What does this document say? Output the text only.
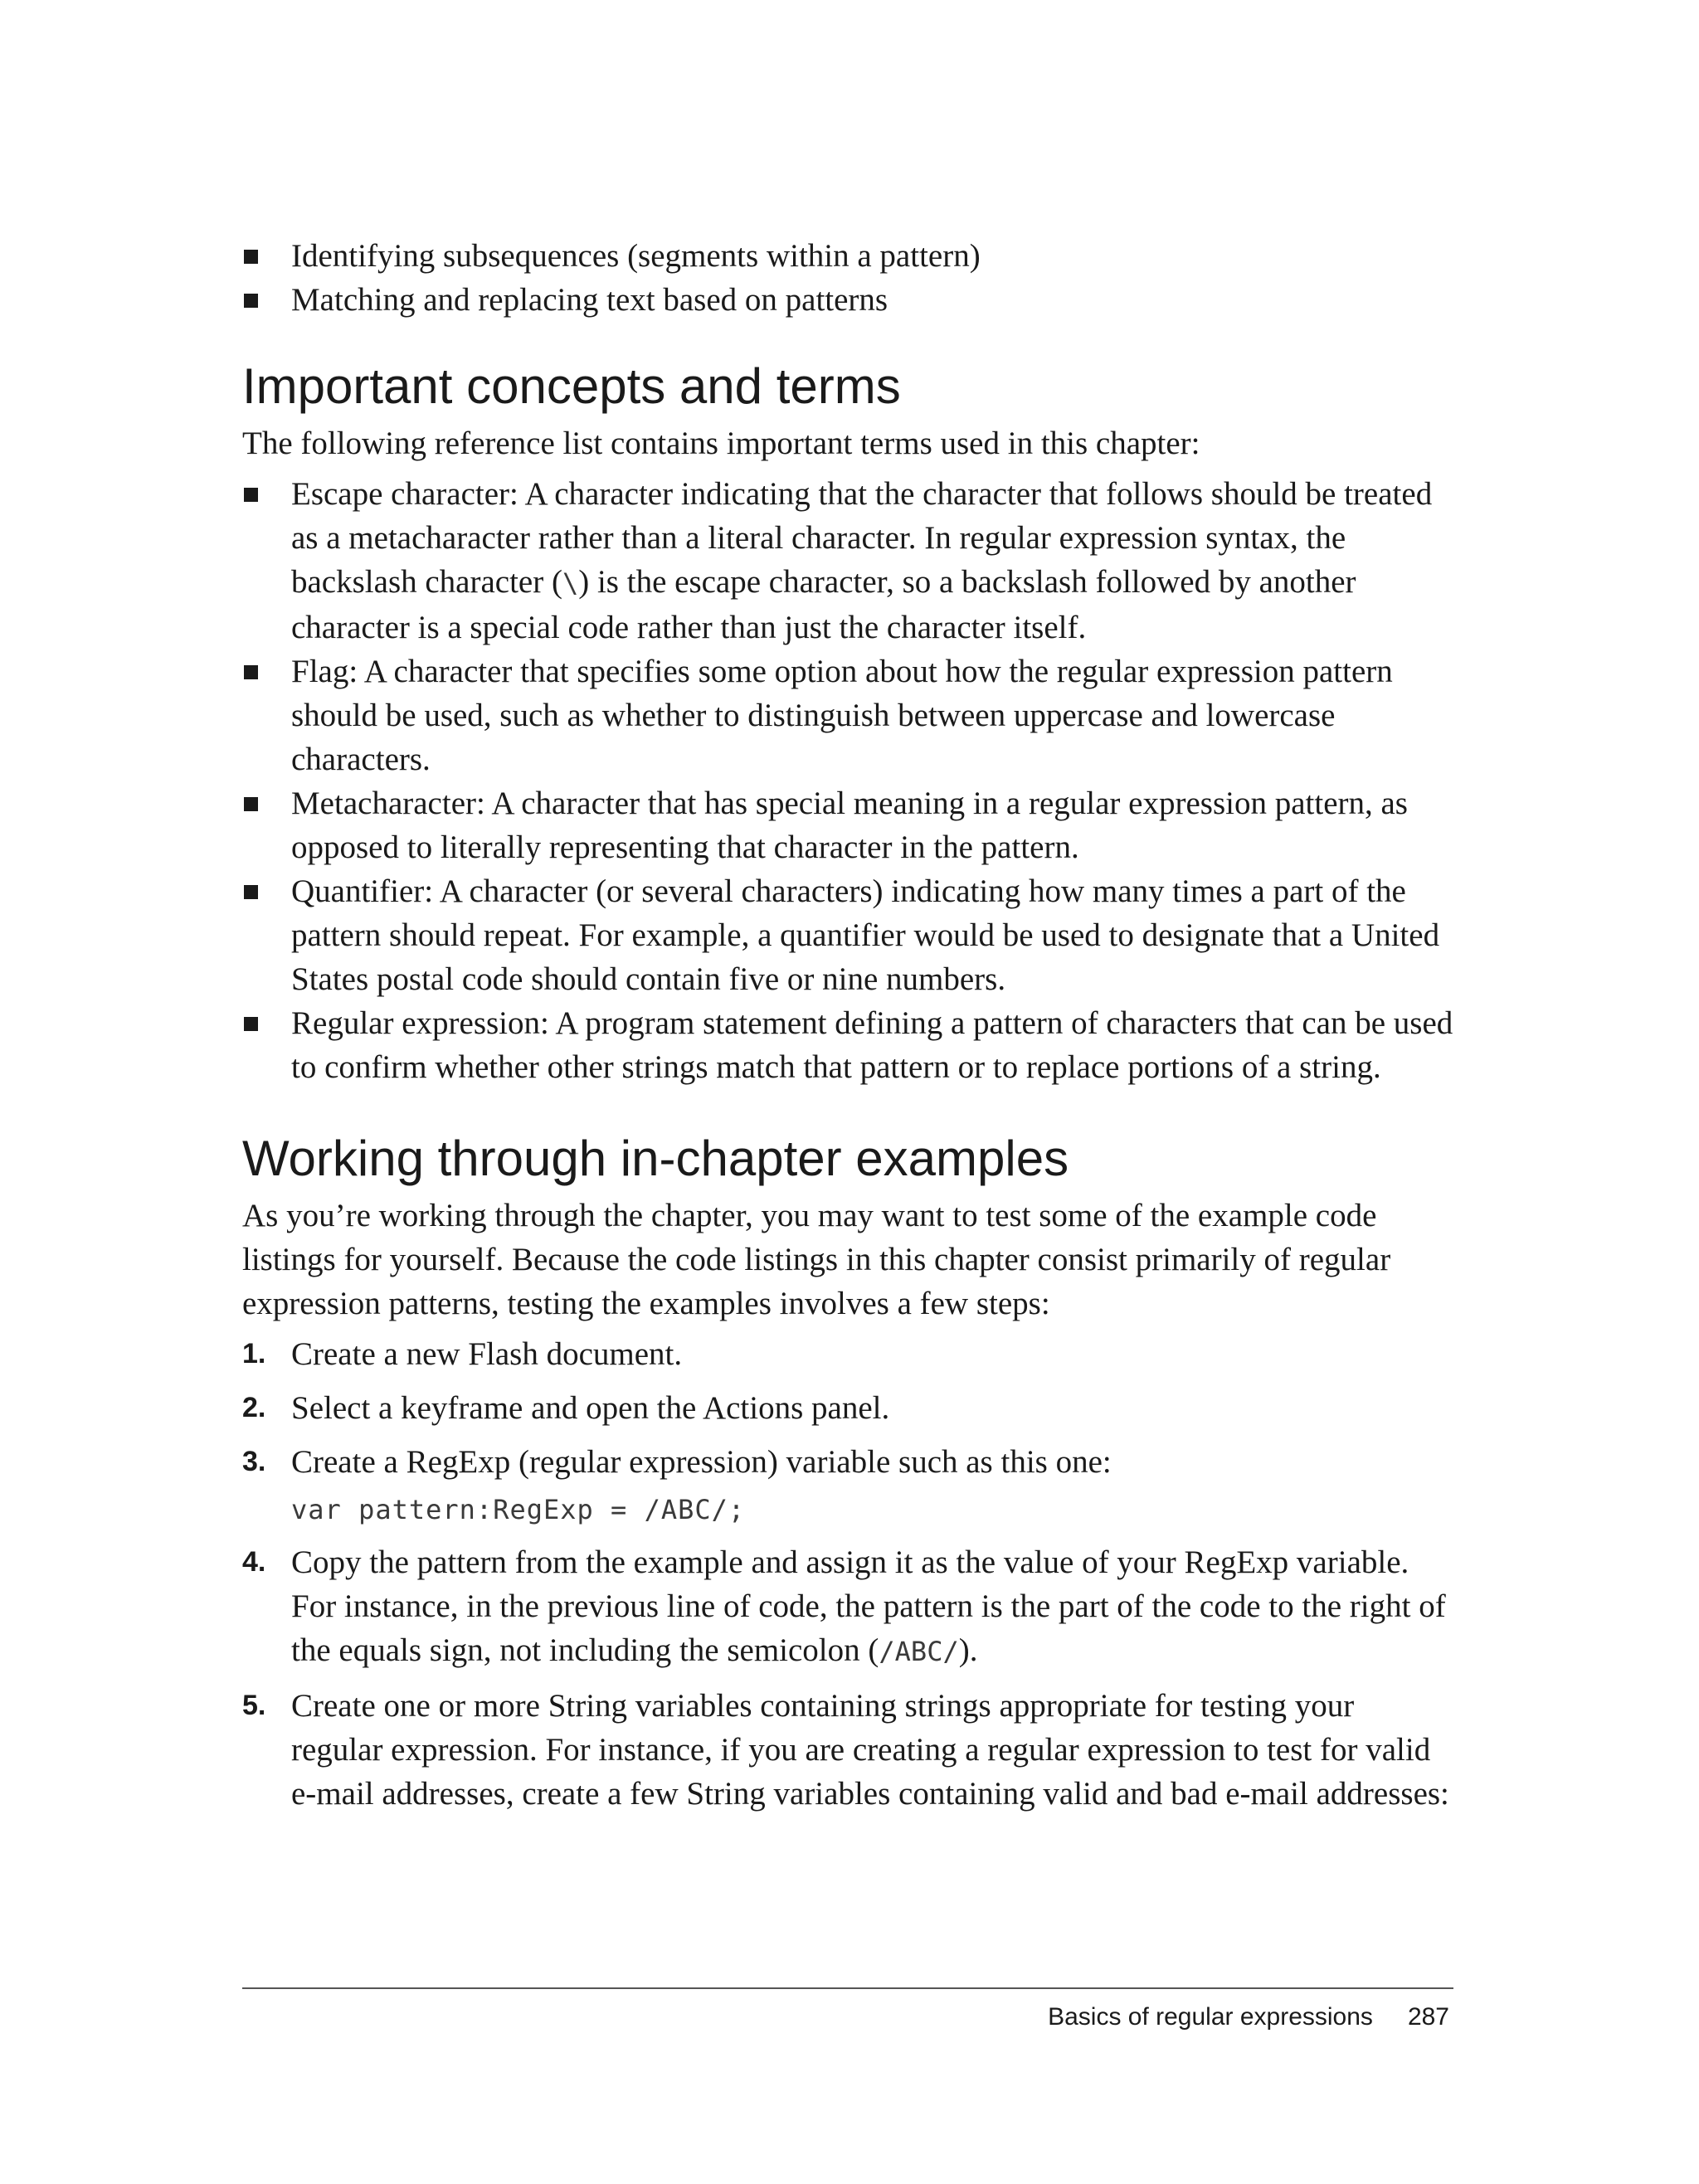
Identifying subsequences (segments within a pattern)
Matching and replacing text based on patterns
Important concepts and terms

The following reference list contains important terms used in this chapter:

Escape character: A character indicating that the character that follows should be treated as a metacharacter rather than a literal character. In regular expression syntax, the backslash character (\) is the escape character, so a backslash followed by another character is a special code rather than just the character itself.
Flag: A character that specifies some option about how the regular expression pattern should be used, such as whether to distinguish between uppercase and lowercase characters.
Metacharacter: A character that has special meaning in a regular expression pattern, as opposed to literally representing that character in the pattern.
Quantifier: A character (or several characters) indicating how many times a part of the pattern should repeat. For example, a quantifier would be used to designate that a United States postal code should contain five or nine numbers.
Regular expression: A program statement defining a pattern of characters that can be used to confirm whether other strings match that pattern or to replace portions of a string.
Working through in-chapter examples

As you’re working through the chapter, you may want to test some of the example code listings for yourself. Because the code listings in this chapter consist primarily of regular expression patterns, testing the examples involves a few steps:

1. Create a new Flash document.
2. Select a keyframe and open the Actions panel.
3. Create a RegExp (regular expression) variable such as this one:
var pattern:RegExp = /ABC/;
4. Copy the pattern from the example and assign it as the value of your RegExp variable. For instance, in the previous line of code, the pattern is the part of the code to the right of the equals sign, not including the semicolon (/ABC/).
5. Create one or more String variables containing strings appropriate for testing your regular expression. For instance, if you are creating a regular expression to test for valid e-mail addresses, create a few String variables containing valid and bad e-mail addresses:
Basics of regular expressions 287
